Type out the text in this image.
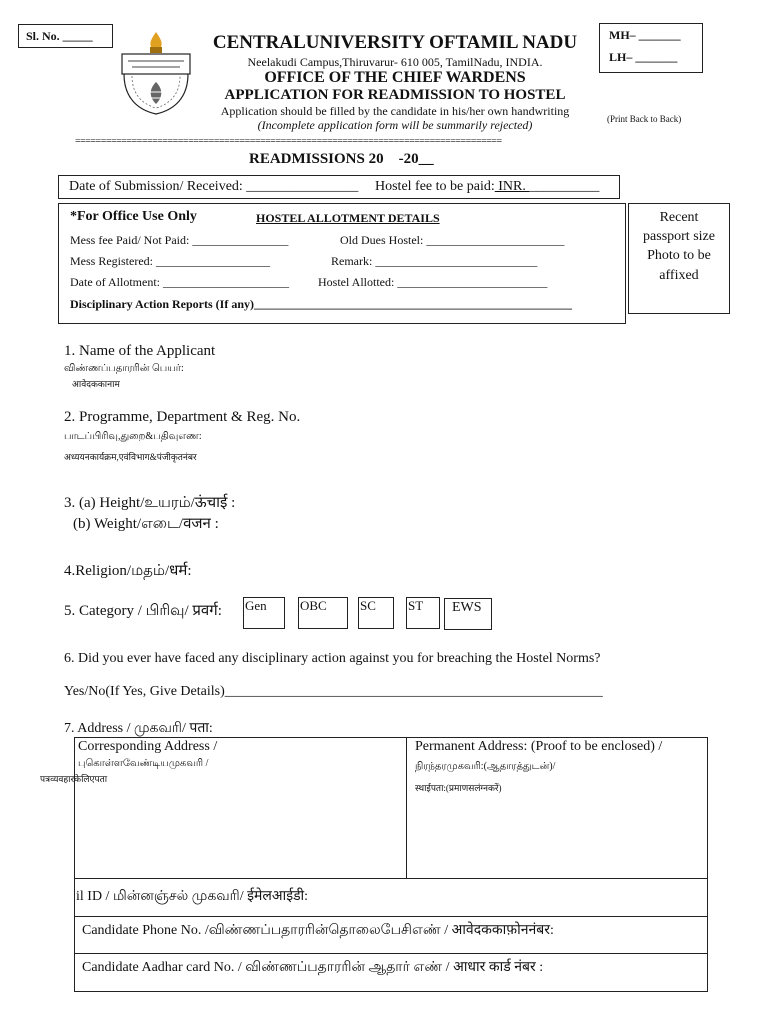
Sl. No. _____	MH– _______
LH– _______
CENTRALUNIVERSITY OFTAMIL NADU
Neelakudi Campus,Thiruvarur- 610 005, TamilNadu, INDIA.
OFFICE OF THE CHIEF WARDENS
APPLICATION FOR READMISSION TO HOSTEL
Application should be filled by the candidate in his/her own handwriting
(Incomplete application form will be summarily rejected)	(Print Back to Back)
===================================================================================
READMISSIONS 20    -20__
Date of Submission/ Received: ________________ Hostel fee to be paid: INR. __________
*For Office Use Only	HOSTEL ALLOTMENT DETAILS
Mess fee Paid/ Not Paid: ________________	Old Dues Hostel: _______________________
Mess Registered: ___________________	Remark: ___________________________
Date of Allotment: _____________________ Hostel Allotted: _________________________
Disciplinary Action Reports (If any)_____________________________________________________
Recent
passport size
Photo to be
affixed
1. Name of the Applicant
விண்ணப்பதாரரின் பெயர்:
आवेदककानाम
2. Programme, Department & Reg. No.
பாடப்பிரிவு,துறை&பதிவுஎண:
अध्ययनकार्यक्रम,एवंविभाग&पंजीकृतनंबर
3. (a) Height/உயரம்/ऊंचाई :
(b) Weight/எடை/वजन :
4.Religion/மதம்/धर्म:
5. Category / பிரிவு/ प्रवर्ग: Gen	OBC	SC ST EWS
6. Did you ever have faced any disciplinary action against you for breaching the Hostel Norms?
Yes/No(If Yes, Give Details)______________________________________________________
7. Address / முகவரி/ पता:
Corresponding Address /
புகொள்ளவேண்டியமுகவரி /
पत्रव्यवहारकेलिएपता
Permanent Address: (Proof to be enclosed) /
நிரந்தரமுகவரி:(ஆதாரத்துடன்)/
स्थाईपता:(प्रमाणसलंग्नकरें)
il ID / மின்னஞ்சல் முகவரி/ ईमेलआईडी:
Candidate Phone No. /விண்ணப்பதாரரின்தொலைபேசிஎண் / आवेदककाफ़ोननंबर:
Candidate Aadhar card No. / விண்ணப்பதாரரின் ஆதார் எண் / आधार कार्ड नंबर :
